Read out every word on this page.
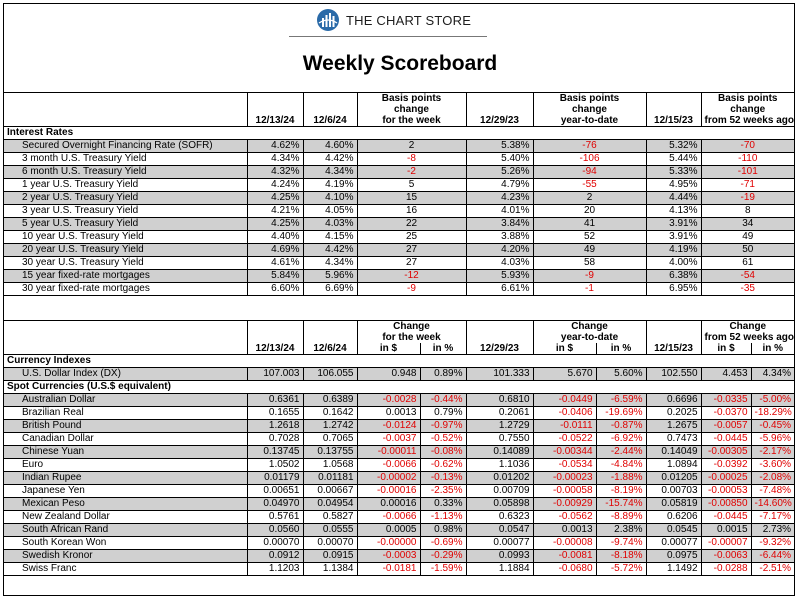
THE CHART STORE
Weekly Scoreboard
			Basis points		Basis points		Basis points
			change		change		change
	12/13/24	12/6/24	for the week	12/29/23	year-to-date	12/15/23	from 52 weeks ago
Interest Rates							
Secured Overnight Financing Rate (SOFR)	4.62%	4.60%	2	5.38%	-76	5.32%	-70
3 month U.S. Treasury Yield	4.34%	4.42%	-8	5.40%	-106	5.44%	-110
6 month U.S. Treasury Yield	4.32%	4.34%	-2	5.26%	-94	5.33%	-101
1 year U.S. Treasury Yield	4.24%	4.19%	5	4.79%	-55	4.95%	-71
2 year U.S. Treasury Yield	4.25%	4.10%	15	4.23%	2	4.44%	-19
3 year U.S. Treasury Yield	4.21%	4.05%	16	4.01%	20	4.13%	8
5 year U.S. Treasury Yield	4.25%	4.03%	22	3.84%	41	3.91%	34
10 year U.S. Treasury Yield	4.40%	4.15%	25	3.88%	52	3.91%	49
20 year U.S. Treasury Yield	4.69%	4.42%	27	4.20%	49	4.19%	50
30 year U.S. Treasury Yield	4.61%	4.34%	27	4.03%	58	4.00%	61
15 year fixed-rate mortgages	5.84%	5.96%	-12	5.93%	-9	6.38%	-54
30 year fixed-rate mortgages	6.60%	6.69%	-9	6.61%	-1	6.95%	-35

			Change			Change			Change	
			for the week			year-to-date			from 52 weeks ago	
	12/13/24	12/6/24	in $	in %	12/29/23	in $	in %	12/15/23	in $	in %
Currency Indexes										
U.S. Dollar Index (DX)	107.003	106.055	0.948	0.89%	101.333	5.670	5.60%	102.550	4.453	4.34%
Spot Currencies (U.S.$ equivalent)										
Australian Dollar	0.6361	0.6389	-0.0028	-0.44%	0.6810	-0.0449	-6.59%	0.6696	-0.0335	-5.00%
Brazilian Real	0.1655	0.1642	0.0013	0.79%	0.2061	-0.0406	-19.69%	0.2025	-0.0370	-18.29%
British Pound	1.2618	1.2742	-0.0124	-0.97%	1.2729	-0.0111	-0.87%	1.2675	-0.0057	-0.45%
Canadian Dollar	0.7028	0.7065	-0.0037	-0.52%	0.7550	-0.0522	-6.92%	0.7473	-0.0445	-5.96%
Chinese Yuan	0.13745	0.13755	-0.00011	-0.08%	0.14089	-0.00344	-2.44%	0.14049	-0.00305	-2.17%
Euro	1.0502	1.0568	-0.0066	-0.62%	1.1036	-0.0534	-4.84%	1.0894	-0.0392	-3.60%
Indian Rupee	0.01179	0.01181	-0.00002	-0.13%	0.01202	-0.00023	-1.88%	0.01205	-0.00025	-2.08%
Japanese Yen	0.00651	0.00667	-0.00016	-2.35%	0.00709	-0.00058	-8.19%	0.00703	-0.00053	-7.48%
Mexican Peso	0.04970	0.04954	0.00016	0.33%	0.05898	-0.00929	-15.74%	0.05819	-0.00850	-14.60%
New Zealand Dollar	0.5761	0.5827	-0.0066	-1.13%	0.6323	-0.0562	-8.89%	0.6206	-0.0445	-7.17%
South African Rand	0.0560	0.0555	0.0005	0.98%	0.0547	0.0013	2.38%	0.0545	0.0015	2.73%
South Korean Won	0.00070	0.00070	-0.00000	-0.69%	0.00077	-0.00008	-9.74%	0.00077	-0.00007	-9.32%
Swedish Kronor	0.0912	0.0915	-0.0003	-0.29%	0.0993	-0.0081	-8.18%	0.0975	-0.0063	-6.44%
Swiss Franc	1.1203	1.1384	-0.0181	-1.59%	1.1884	-0.0680	-5.72%	1.1492	-0.0288	-2.51%
